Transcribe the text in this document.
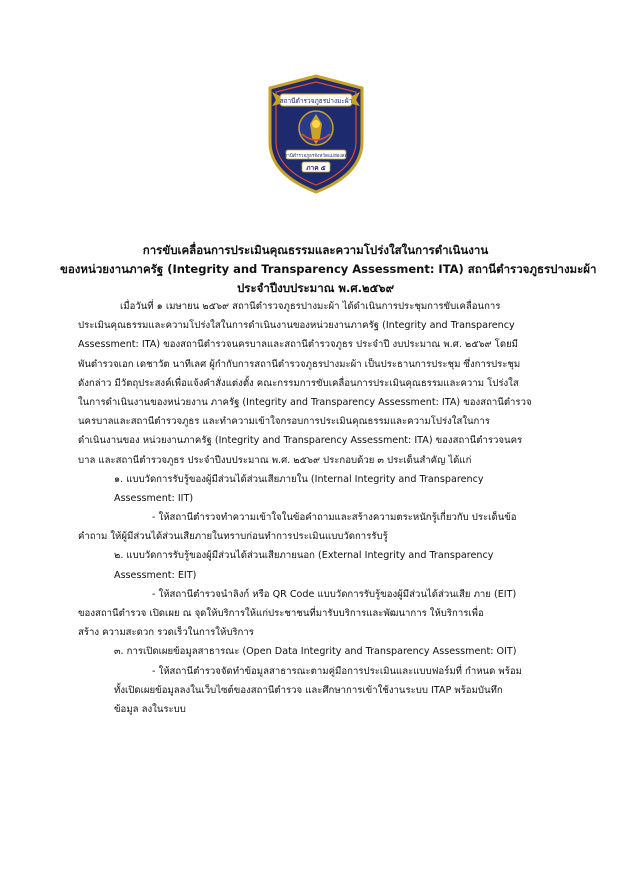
สถานีตำรวจภูธรปางมะผ้า
สถานีตำรวจภูธรจังหวัดแม่ฮ่องสอน
ภาค ๕
การขับเคลื่อนการประเมินคุณธรรมและความโปร่งใสในการดำเนินงาน
ของหน่วยงานภาครัฐ (Integrity and Transparency Assessment: ITA) สถานีตำรวจภูธรปางมะผ้า
ประจำปีงบประมาณ พ.ศ.๒๕๖๙
เมื่อวันที่ ๑ เมษายน ๒๕๖๙ สถานีตำรวจภูธรปางมะผ้า ได้ดำเนินการประชุมการขับเคลื่อนการ
ประเมินคุณธรรมและความโปร่งใสในการดำเนินงานของหน่วยงานภาครัฐ (Integrity and Transparency
Assessment: ITA) ของสถานีตำรวจนครบาลและสถานีตำรวจภูธร ประจำปี งบประมาณ พ.ศ. ๒๕๖๙ โดยมี
พันตำรวจเอก เดชาวัต นาทีเลศ ผู้กำกับการสถานีตำรวจภูธรปางมะผ้า เป็นประธานการประชุม ซึ่งการประชุม
ดังกล่าว มีวัตถุประสงค์เพื่อแจ้งคำสั่งแต่งตั้ง คณะกรรมการขับเคลื่อนการประเมินคุณธรรมและความ โปร่งใส
ในการดำเนินงานของหน่วยงาน ภาครัฐ (Integrity and Transparency Assessment: ITA) ของสถานีตำรวจ
นครบาลและสถานีตำรวจภูธร และทำความเข้าใจกรอบการประเมินคุณธรรมและความโปร่งใสในการ
ดำเนินงานของ หน่วยงานภาครัฐ (Integrity and Transparency Assessment: ITA) ของสถานีตำรวจนคร
บาล และสถานีตำรวจภูธร ประจำปีงบประมาณ พ.ศ. ๒๕๖๙ ประกอบด้วย ๓ ประเด็นสำคัญ ได้แก่
๑. แบบวัดการรับรู้ของผู้มีส่วนได้ส่วนเสียภายใน (Internal Integrity and Transparency
Assessment: IIT)
- ให้สถานีตำรวจทำความเข้าใจในข้อคำถามและสร้างความตระหนักรู้เกี่ยวกับ ประเด็นข้อ
คำถาม ให้ผู้มีส่วนได้ส่วนเสียภายในทราบก่อนทำการประเมินแบบวัดการรับรู้
๒. แบบวัดการรับรู้ของผู้มีส่วนได้ส่วนเสียภายนอก (External Integrity and Transparency
Assessment: EIT)
- ให้สถานีตำรวจนำลิงก์ หรือ QR Code แบบวัดการรับรู้ของผู้มีส่วนได้ส่วนเสีย ภาย (EIT)
ของสถานีตำรวจ เปิดเผย ณ จุดให้บริการให้แก่ประชาชนที่มารับบริการและพัฒนาการ ให้บริการเพื่อ
สร้าง ความสะดวก รวดเร็วในการให้บริการ
๓. การเปิดเผยข้อมูลสาธารณะ (Open Data Integrity and Transparency Assessment: OIT)
- ให้สถานีตำรวจจัดทำข้อมูลสาธารณะตามคู่มือการประเมินและแบบฟอร์มที่ กำหนด พร้อม
ทั้งเปิดเผยข้อมูลลงในเว็บไซต์ของสถานีตำรวจ และศึกษาการเข้าใช้งานระบบ ITAP พร้อมบันทึก
ข้อมูล ลงในระบบ
